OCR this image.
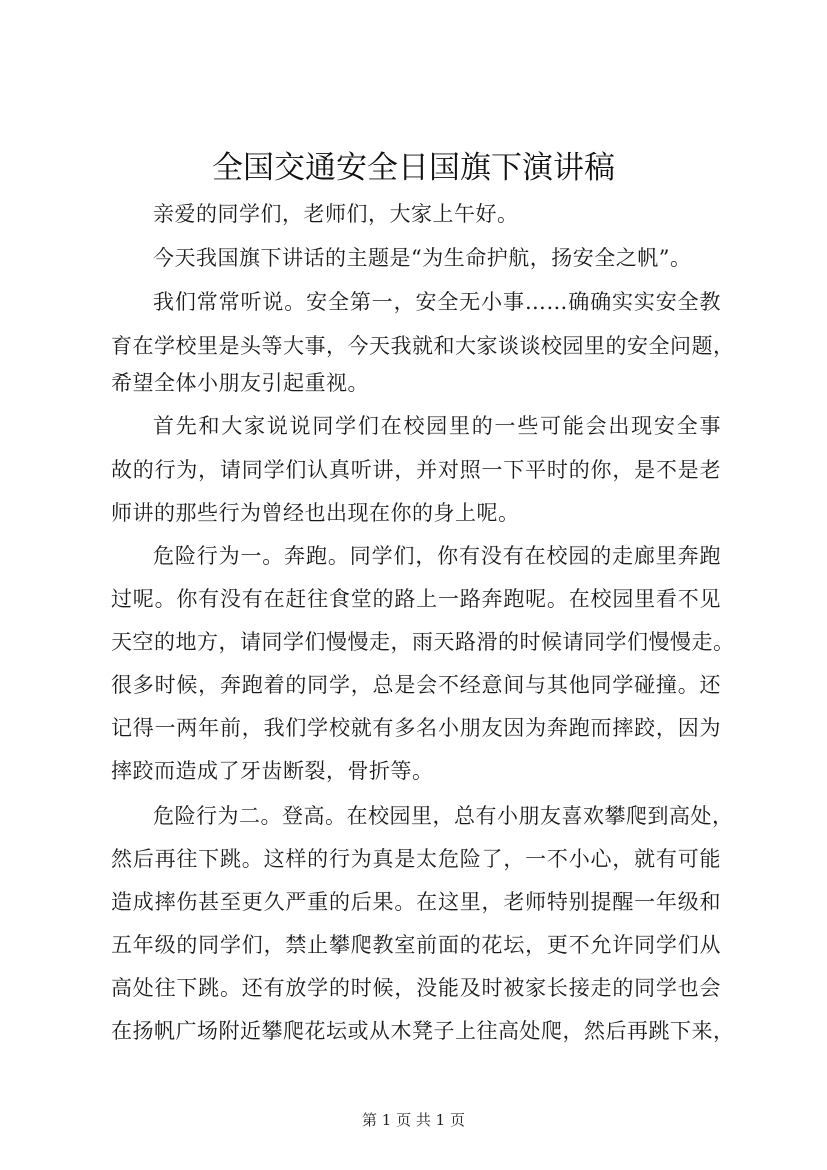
全国交通安全日国旗下演讲稿
亲爱的同学们，老师们，大家上午好。
今天我国旗下讲话的主题是“为生命护航，扬安全之帆”。
我们常常听说。安全第一，安全无小事……确确实实安全教
育在学校里是头等大事，今天我就和大家谈谈校园里的安全问题，
希望全体小朋友引起重视。
首先和大家说说同学们在校园里的一些可能会出现安全事
故的行为，请同学们认真听讲，并对照一下平时的你，是不是老
师讲的那些行为曾经也出现在你的身上呢。
危险行为一。奔跑。同学们，你有没有在校园的走廊里奔跑
过呢。你有没有在赶往食堂的路上一路奔跑呢。在校园里看不见
天空的地方，请同学们慢慢走，雨天路滑的时候请同学们慢慢走。
很多时候，奔跑着的同学，总是会不经意间与其他同学碰撞。还
记得一两年前，我们学校就有多名小朋友因为奔跑而摔跤，因为
摔跤而造成了牙齿断裂，骨折等。
危险行为二。登高。在校园里，总有小朋友喜欢攀爬到高处，
然后再往下跳。这样的行为真是太危险了，一不小心，就有可能
造成摔伤甚至更久严重的后果。在这里，老师特别提醒一年级和
五年级的同学们，禁止攀爬教室前面的花坛，更不允许同学们从
高处往下跳。还有放学的时候，没能及时被家长接走的同学也会
在扬帆广场附近攀爬花坛或从木凳子上往高处爬，然后再跳下来，
第 1 页 共 1 页
